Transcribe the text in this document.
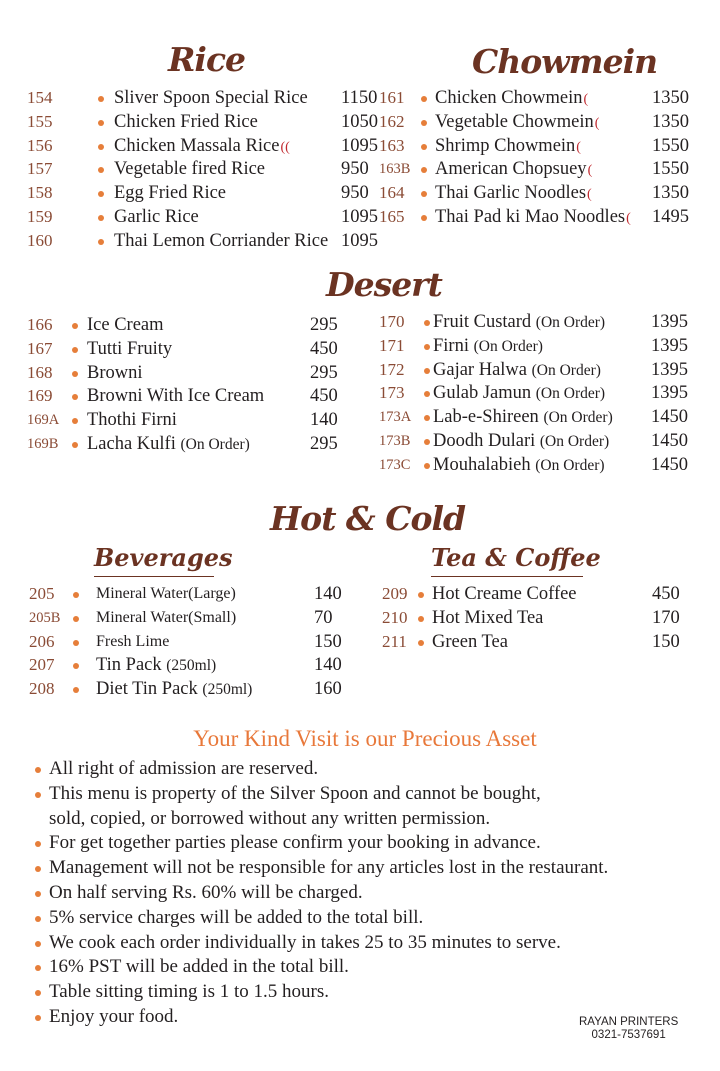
Rice	Chowmein
Desert
Hot & Cold
Beverages	Tea & Coffee
154	Sliver Spoon Special Rice 1150
155	Chicken Fried Rice	1050
156	Chicken Massala Rice((	1095
157	Vegetable fired Rice	950
158	Egg Fried Rice	950
159	Garlic Rice	1095
160	Thai Lemon Corriander Rice 1095
161 Chicken Chowmein(	1350
162 Vegetable Chowmein(	1350
163 Shrimp Chowmein(	1550
163B American Chopsuey(	1550
164 Thai Garlic Noodles(	1350
165 Thai Pad ki Mao Noodles( 1495
166 Ice Cream	295
167 Tutti Fruity	450
168 Browni	295
169 Browni With Ice Cream 450
169A Thothi Firni	140
169B Lacha Kulfi (On Order)	295
170 Fruit Custard (On Order) 1395
171 Firni (On Order)	1395
172 Gajar Halwa (On Order)	1395
173 Gulab Jamun (On Order) 1395
173A Lab-e-Shireen (On Order) 1450
173B Doodh Dulari (On Order) 1450
173C Mouhalabieh (On Order)	1450
205	Mineral Water(Large)	140
205B Mineral Water(Small)	70
206	Fresh Lime	150
207 Tin Pack (250ml)	140
208 Diet Tin Pack (250ml)	160
209 Hot Creame Coffee	450
210 Hot Mixed Tea	170
211 Green Tea	150

Your Kind Visit is our Precious Asset

All right of admission are reserved.
This menu is property of the Silver Spoon and cannot be bought,
sold, copied, or borrowed without any written permission.
For get together parties please confirm your booking in advance.
Management will not be responsible for any articles lost in the restaurant.
On half serving Rs. 60% will be charged.
5% service charges will be added to the total bill.
We cook each order individually in takes 25 to 35 minutes to serve.
16% PST will be added in the total bill.
Table sitting timing is 1 to 1.5 hours.
Enjoy your food.	RAYAN PRINTERS
0321-7537691
